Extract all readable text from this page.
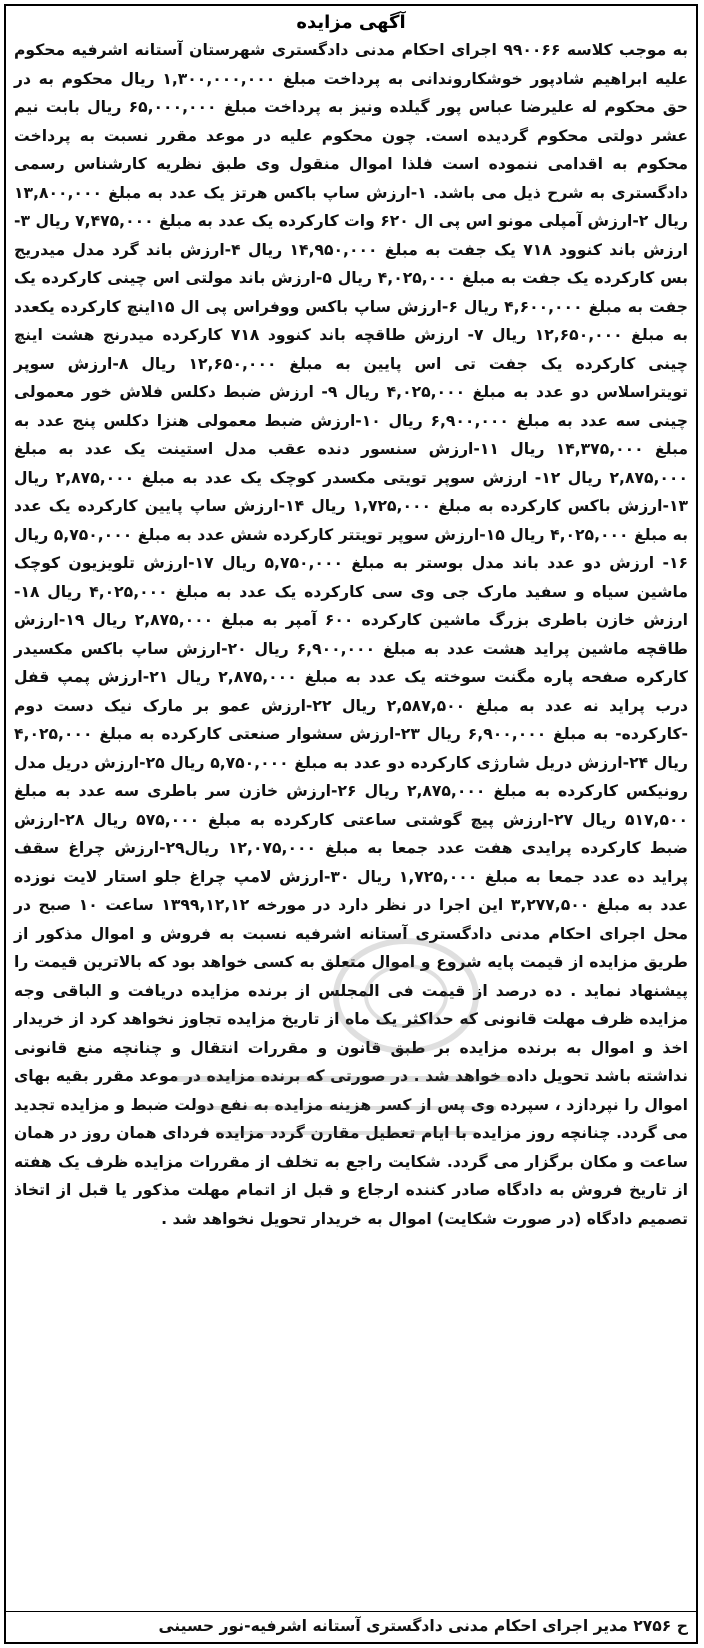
آگهی مزایده

به موجب کلاسه ۹۹۰۰۶۶ اجرای احکام مدنی دادگستری شهرستان آستانه اشرفیه محکوم علیه ابراهیم شادپور خوشکاروندانی به پرداخت مبلغ ۱,۳۰۰,۰۰۰,۰۰۰ ریال محکوم به در حق محکوم له علیرضا عباس پور گیلده ونیز به پرداخت مبلغ ۶۵,۰۰۰,۰۰۰ ریال بابت نیم عشر دولتی محکوم گردیده است. چون محکوم علیه در موعد مقرر نسبت به پرداخت محکوم به اقدامی ننموده است فلذا اموال منقول وی طبق نظریه کارشناس رسمی دادگستری به شرح ذیل می باشد. ۱-ارزش ساپ باکس هرتز یک عدد به مبلغ ۱۳,۸۰۰,۰۰۰ ریال ۲-ارزش آمپلی مونو اس پی ال ۶۲۰ وات کارکرده یک عدد به مبلغ ۷,۴۷۵,۰۰۰ ریال ۳-ارزش باند کنوود ۷۱۸ یک جفت به مبلغ ۱۴,۹۵۰,۰۰۰ ریال ۴-ارزش باند گرد مدل میدریج بس کارکرده یک جفت به مبلغ ۴,۰۲۵,۰۰۰ ریال ۵-ارزش باند مولتی اس چینی کارکرده یک جفت به مبلغ ۴,۶۰۰,۰۰۰ ریال ۶-ارزش ساپ باکس ووفراس پی ال ۱۵اینچ کارکرده یکعدد به مبلغ ۱۲,۶۵۰,۰۰۰ ریال ۷- ارزش طاقچه باند کنوود ۷۱۸ کارکرده میدرنج هشت اینچ چینی کارکرده یک جفت تی اس پایین به مبلغ ۱۲,۶۵۰,۰۰۰ ریال ۸-ارزش سوپر تویتراسلاس دو عدد به مبلغ ۴,۰۲۵,۰۰۰ ریال ۹- ارزش ضبط دکلس فلاش خور معمولی چینی سه عدد به مبلغ ۶,۹۰۰,۰۰۰ ریال ۱۰-ارزش ضبط معمولی هنزا دکلس پنج عدد به مبلغ ۱۴,۳۷۵,۰۰۰ ریال ۱۱-ارزش سنسور دنده عقب مدل استینت یک عدد به مبلغ ۲,۸۷۵,۰۰۰ ریال ۱۲- ارزش سوپر تویتی مکسدر کوچک یک عدد به مبلغ ۲,۸۷۵,۰۰۰ ریال ۱۳-ارزش باکس کارکرده به مبلغ ۱,۷۲۵,۰۰۰ ریال ۱۴-ارزش ساپ پایین کارکرده یک عدد به مبلغ ۴,۰۲۵,۰۰۰ ریال ۱۵-ارزش سوپر تویتتر کارکرده شش عدد به مبلغ ۵,۷۵۰,۰۰۰ ریال ۱۶- ارزش دو عدد باند مدل بوستر به مبلغ ۵,۷۵۰,۰۰۰ ریال ۱۷-ارزش تلویزیون کوچک ماشین سیاه و سفید مارک جی وی سی کارکرده یک عدد به مبلغ ۴,۰۲۵,۰۰۰ ریال ۱۸-ارزش خازن باطری بزرگ ماشین کارکرده ۶۰۰ آمپر به مبلغ ۲,۸۷۵,۰۰۰ ریال ۱۹-ارزش طاقچه ماشین پراید هشت عدد به مبلغ ۶,۹۰۰,۰۰۰ ریال ۲۰-ارزش ساپ باکس مکسیدر کارکره صفحه پاره مگنت سوخته یک عدد به مبلغ ۲,۸۷۵,۰۰۰ ریال ۲۱-ارزش پمپ قفل درب پراید نه عدد به مبلغ ۲,۵۸۷,۵۰۰ ریال ۲۲-ارزش عمو بر مارک نیک دست دوم -کارکرده- به مبلغ ۶,۹۰۰,۰۰۰ ریال ۲۳-ارزش سشوار صنعتی کارکرده به مبلغ ۴,۰۲۵,۰۰۰ ریال ۲۴-ارزش دریل شارژی کارکرده دو عدد به مبلغ ۵,۷۵۰,۰۰۰ ریال ۲۵-ارزش دریل مدل رونیکس کارکرده به مبلغ ۲,۸۷۵,۰۰۰ ریال ۲۶-ارزش خازن سر باطری سه عدد به مبلغ ۵۱۷,۵۰۰ ریال ۲۷-ارزش پیچ گوشتی ساعتی کارکرده به مبلغ ۵۷۵,۰۰۰ ریال ۲۸-ارزش ضبط کارکرده پرایدی هفت عدد جمعا به مبلغ ۱۲,۰۷۵,۰۰۰ ریال۲۹-ارزش چراغ سقف پراید ده عدد جمعا به مبلغ ۱,۷۲۵,۰۰۰ ریال ۳۰-ارزش لامپ چراغ جلو استار لایت نوزده عدد به مبلغ ۳,۲۷۷,۵۰۰ این اجرا در نظر دارد در مورخه ۱۳۹۹,۱۲,۱۲ ساعت ۱۰ صبح در محل اجرای احکام مدنی دادگستری آستانه اشرفیه نسبت به فروش و اموال مذکور از طریق مزایده از قیمت پایه شروع و اموال متعلق به کسی خواهد بود که بالاترین قیمت را پیشنهاد نماید . ده درصد از قیمت فی المجلس از برنده مزایده دریافت و الباقی وجه مزایده ظرف مهلت قانونی که حداکثر یک ماه از تاریخ مزایده تجاوز نخواهد کرد از خریدار اخذ و اموال به برنده مزایده بر طبق قانون و مقررات انتقال و چنانچه منع قانونی نداشته باشد تحویل داده خواهد شد . در صورتی که برنده مزایده در موعد مقرر بقیه بهای اموال را نپردازد ، سپرده وی پس از کسر هزینه مزایده به نفع دولت ضبط و مزایده تجدید می گردد. چنانچه روز مزایده با ایام تعطیل مقارن گردد مزایده فردای همان روز در همان ساعت و مکان برگزار می گردد. شکایت راجع به تخلف از مقررات مزایده ظرف یک هفته از تاریخ فروش به دادگاه صادر کننده ارجاع و قبل از اتمام مهلت مذکور یا قبل از اتخاذ تصمیم دادگاه (در صورت شکایت) اموال به خریدار تحویل نخواهد شد .

ح ۲۷۵۶ مدیر اجرای احکام مدنی دادگستری آستانه اشرفیه-نور حسینی
